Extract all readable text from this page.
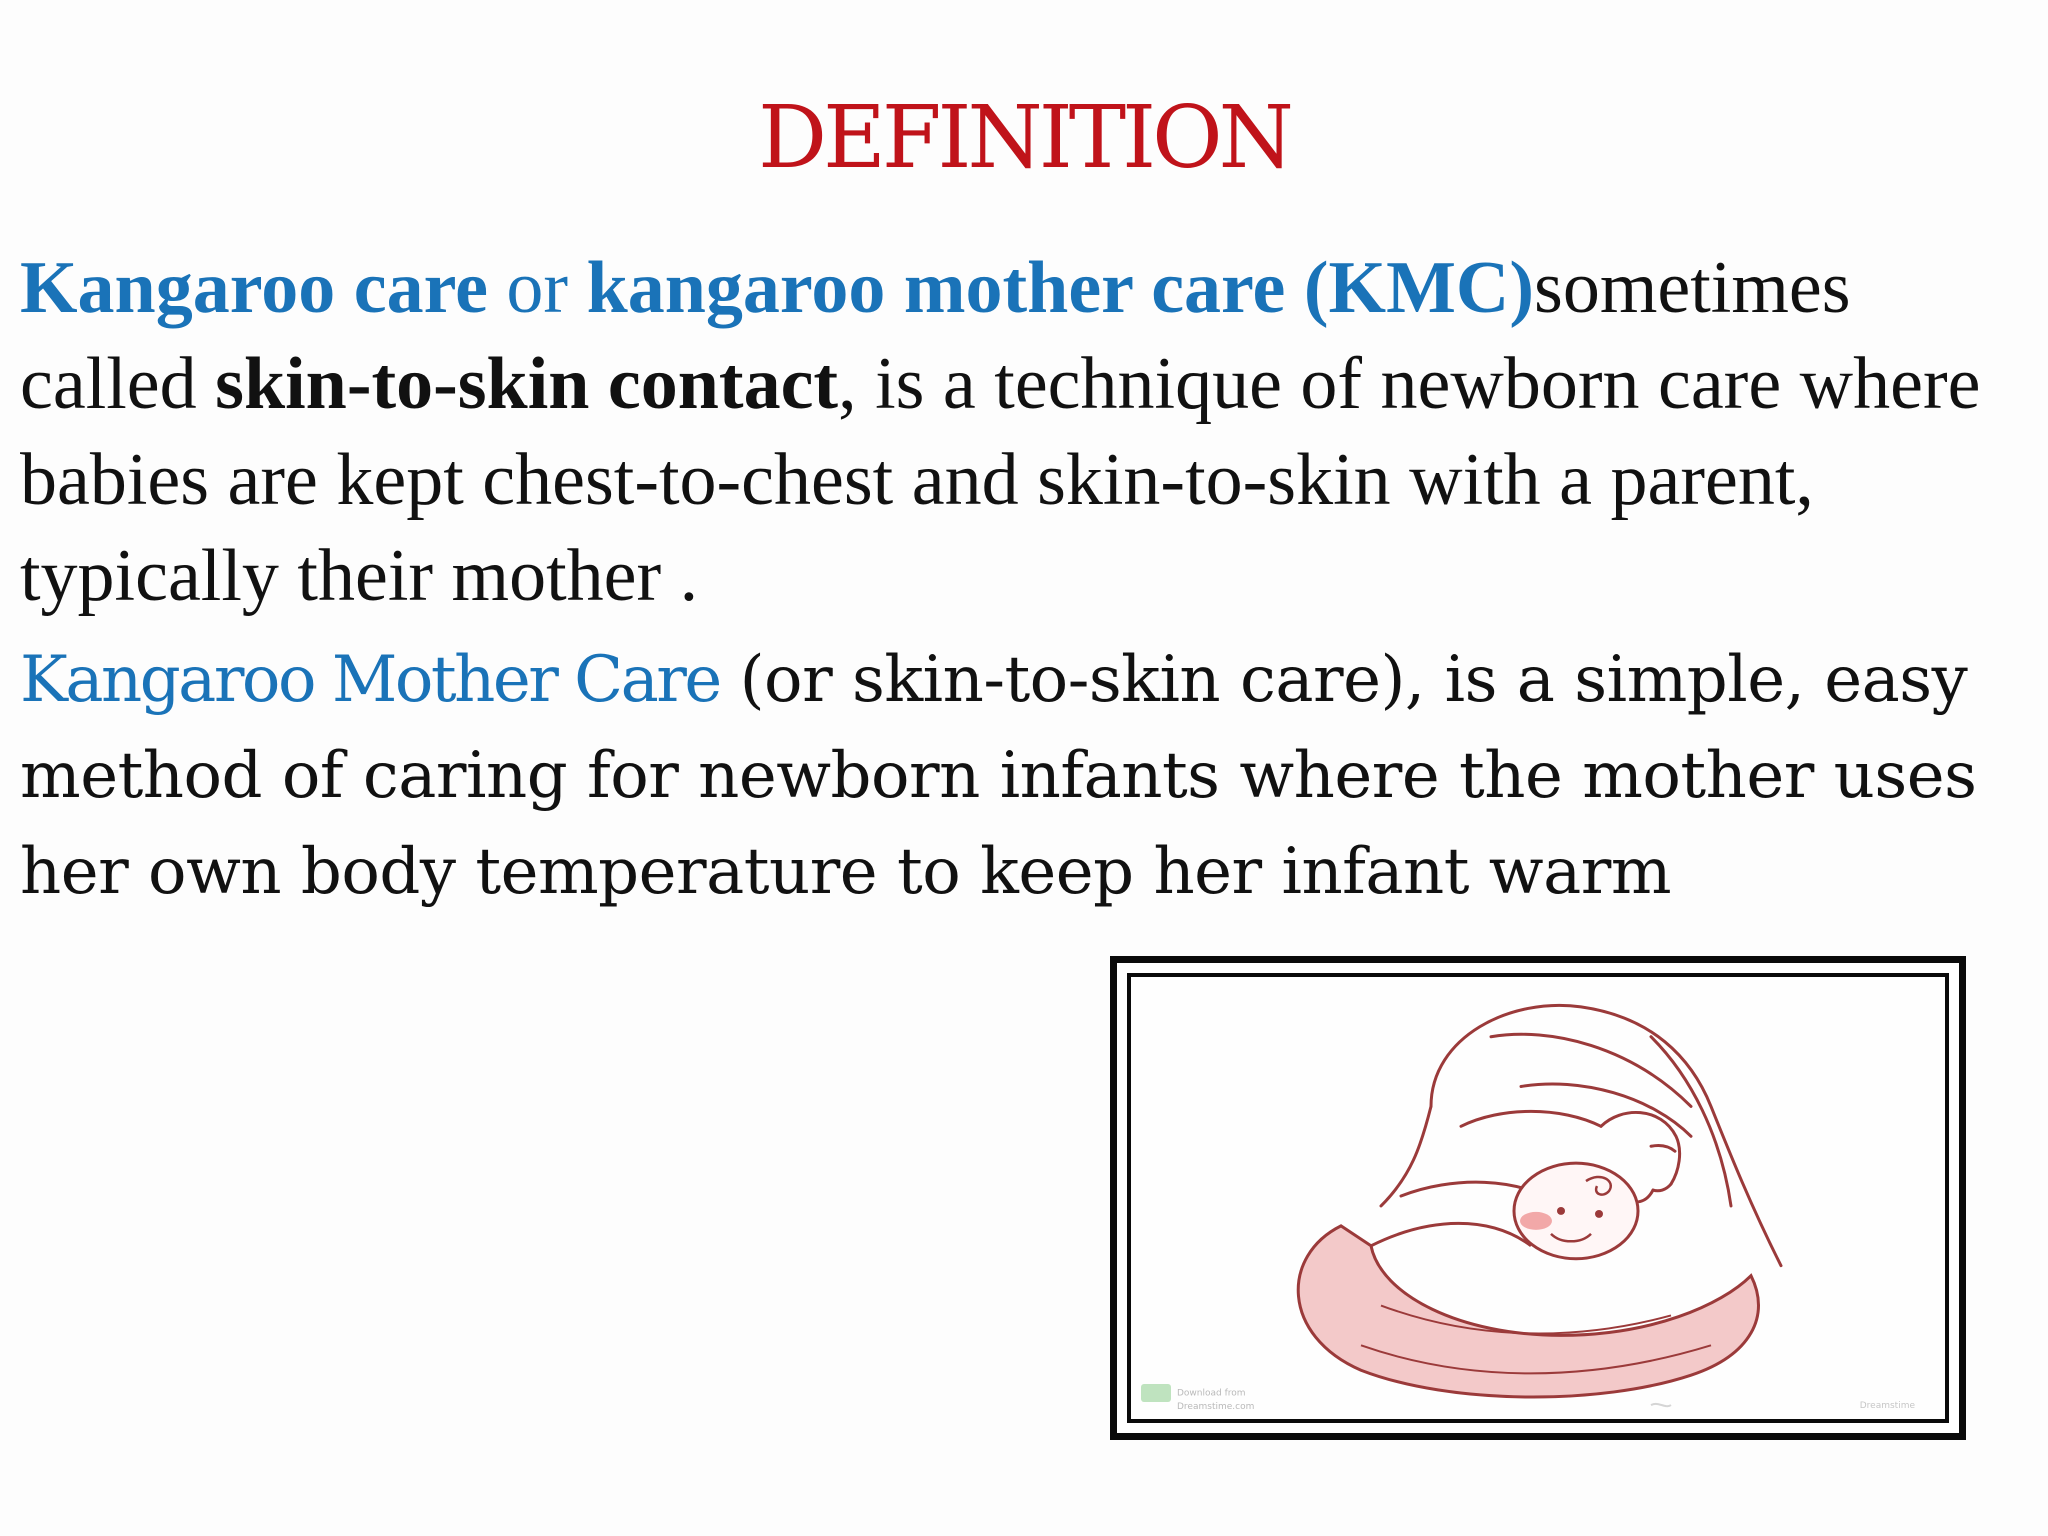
DEFINITION
Kangaroo care or kangaroo mother care (KMC)sometimes called skin-to-skin contact, is a technique of newborn care where babies are kept chest-to-chest and skin-to-skin with a parent, typically their mother .
Kangaroo Mother Care (or skin-to-skin care), is a simple, easy method of caring for newborn infants where the mother uses her own body temperature to keep her infant warm
Download from
Dreamstime.com	Dreamstime
